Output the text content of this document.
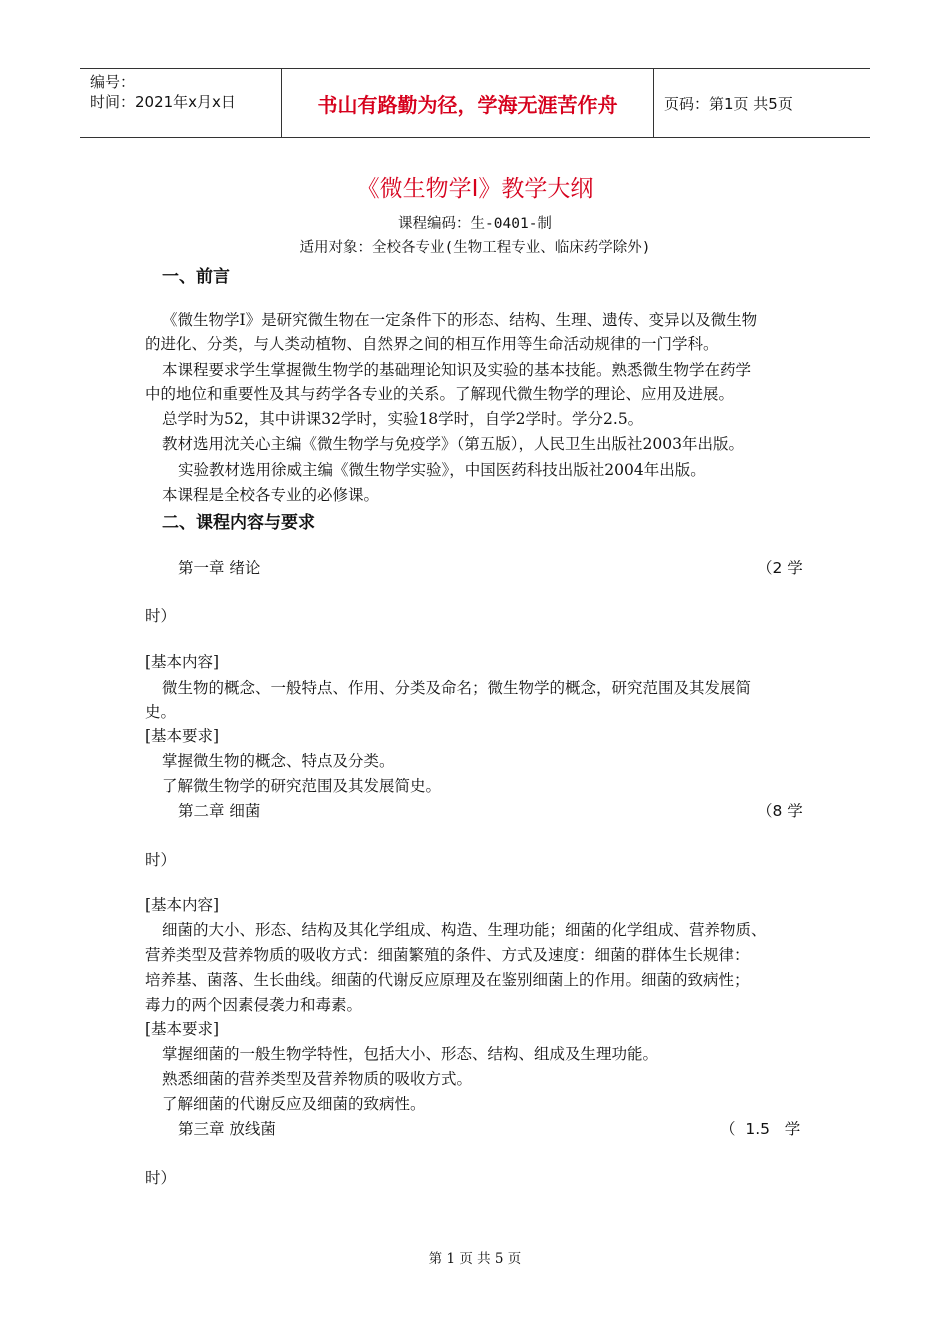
编号：
时间：2021年x月x日	书山有路勤为径，学海无涯苦作舟	页码：第1页 共5页
《微生物学Ⅰ》教学大纲
课程编码：生-0401-制
适用对象：全校各专业(生物工程专业、临床药学除外)
一、前言
《微生物学Ⅰ》是研究微生物在一定条件下的形态、结构、生理、遗传、变异以及微生物
的进化、分类，与人类动植物、自然界之间的相互作用等生命活动规律的一门学科。
本课程要求学生掌握微生物学的基础理论知识及实验的基本技能。熟悉微生物学在药学
中的地位和重要性及其与药学各专业的关系。了解现代微生物学的理论、应用及进展。
总学时为52，其中讲课32学时，实验18学时，自学2学时。学分2.5。
教材选用沈关心主编《微生物学与免疫学》（第五版），人民卫生出版社2003年出版。
实验教材选用徐威主编《微生物学实验》，中国医药科技出版社2004年出版。
本课程是全校各专业的必修课。
二、课程内容与要求
第一章 绪论	（2 学
时）
[基本内容]
微生物的概念、一般特点、作用、分类及命名；微生物学的概念，研究范围及其发展简
史。
[基本要求]
掌握微生物的概念、特点及分类。
了解微生物学的研究范围及其发展简史。
第二章 细菌	（8 学
时）
[基本内容]
细菌的大小、形态、结构及其化学组成、构造、生理功能；细菌的化学组成、营养物质、
营养类型及营养物质的吸收方式：细菌繁殖的条件、方式及速度：细菌的群体生长规律：
培养基、菌落、生长曲线。细菌的代谢反应原理及在鉴别细菌上的作用。细菌的致病性；
毒力的两个因素侵袭力和毒素。
[基本要求]
掌握细菌的一般生物学特性，包括大小、形态、结构、组成及生理功能。
熟悉细菌的营养类型及营养物质的吸收方式。
了解细菌的代谢反应及细菌的致病性。
第三章 放线菌	（  1.5   学
时）
第 1 页 共 5 页
